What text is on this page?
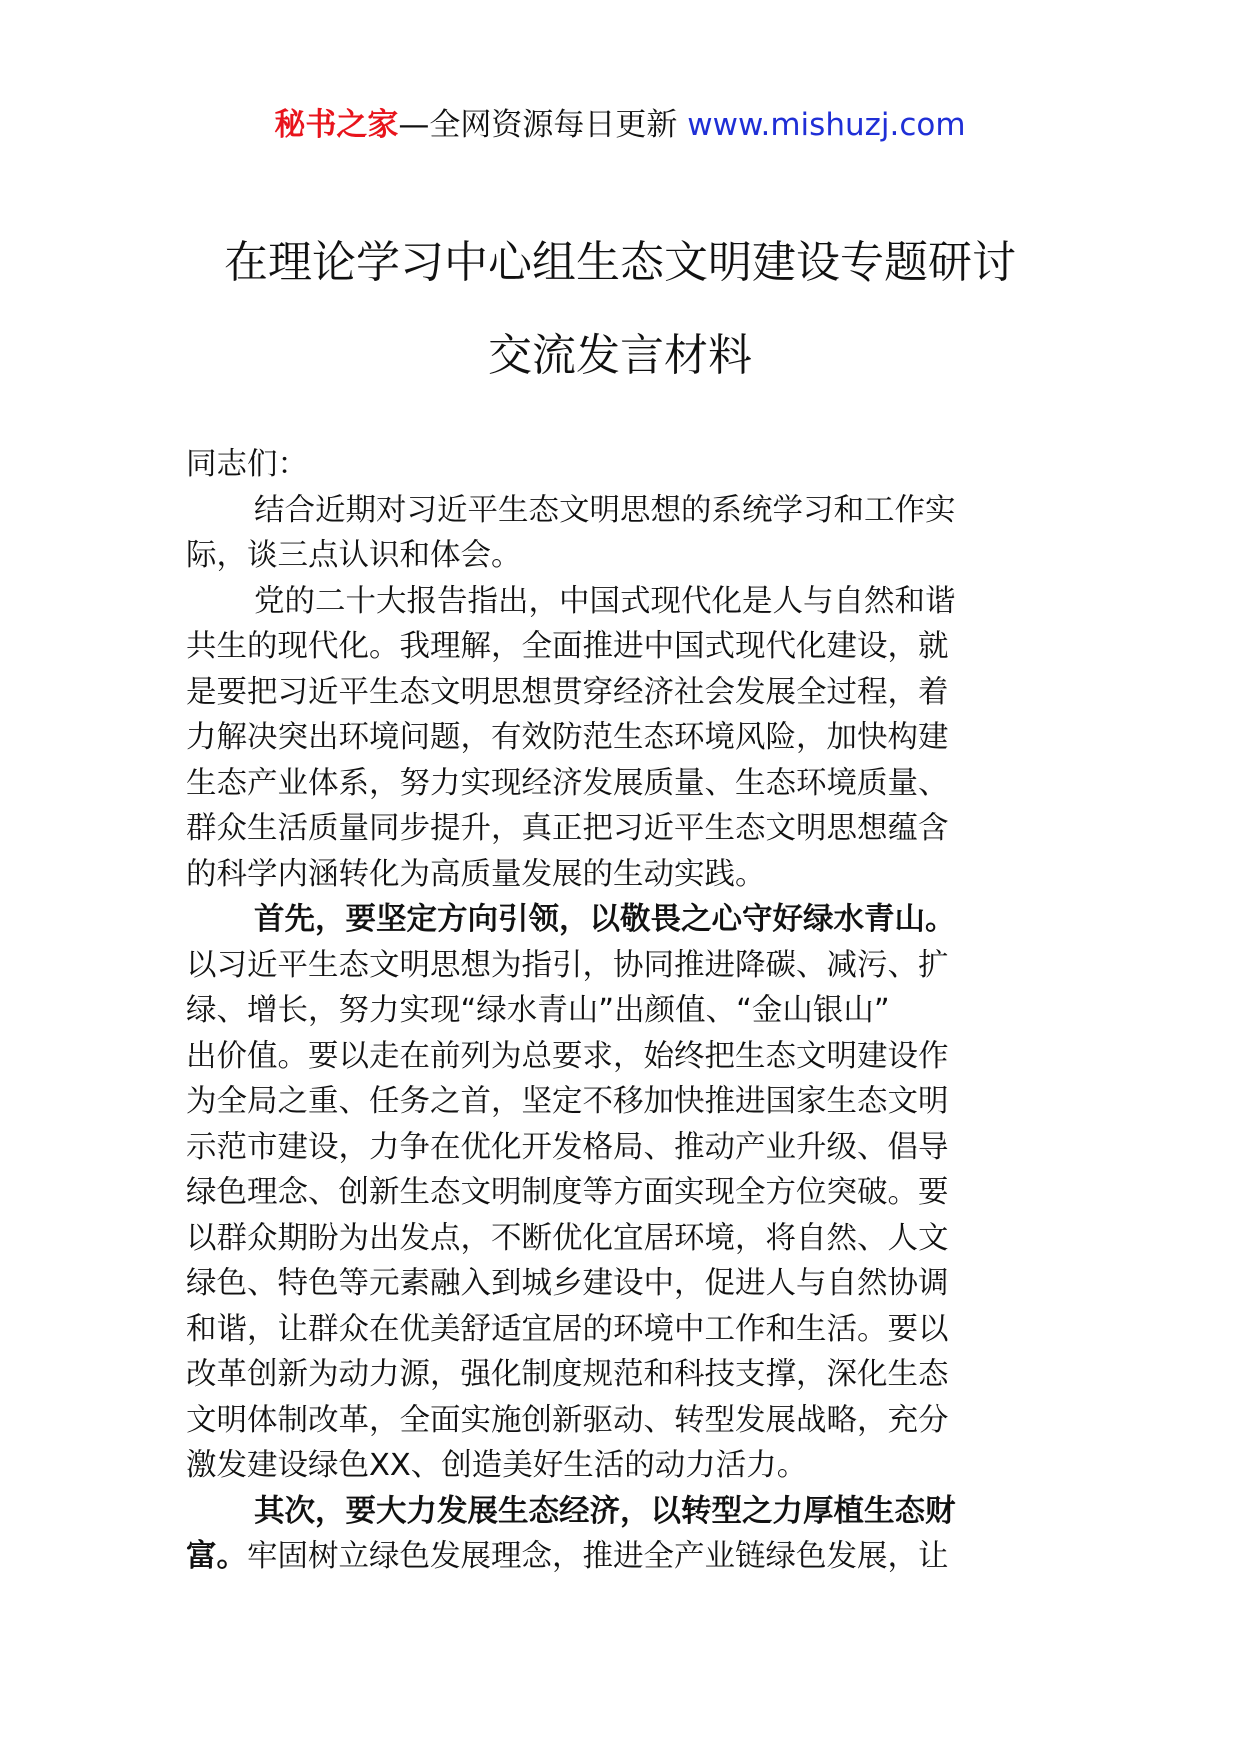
秘书之家—全网资源每日更新 www.mishuzj.com
在理论学习中心组生态文明建设专题研讨
交流发言材料
同志们：
结合近期对习近平生态文明思想的系统学习和工作实
际，谈三点认识和体会。
党的二十大报告指出，中国式现代化是人与自然和谐
共生的现代化。我理解，全面推进中国式现代化建设，就
是要把习近平生态文明思想贯穿经济社会发展全过程，着
力解决突出环境问题，有效防范生态环境风险，加快构建
生态产业体系，努力实现经济发展质量、生态环境质量、
群众生活质量同步提升，真正把习近平生态文明思想蕴含
的科学内涵转化为高质量发展的生动实践。
首先，要坚定方向引领，以敬畏之心守好绿水青山。
以习近平生态文明思想为指引，协同推进降碳、减污、扩
绿、增长，努力实现“绿水青山”出颜值、“金山银山”
出价值。要以走在前列为总要求，始终把生态文明建设作
为全局之重、任务之首，坚定不移加快推进国家生态文明
示范市建设，力争在优化开发格局、推动产业升级、倡导
绿色理念、创新生态文明制度等方面实现全方位突破。要
以群众期盼为出发点，不断优化宜居环境，将自然、人文
绿色、特色等元素融入到城乡建设中，促进人与自然协调
和谐，让群众在优美舒适宜居的环境中工作和生活。要以
改革创新为动力源，强化制度规范和科技支撑，深化生态
文明体制改革，全面实施创新驱动、转型发展战略，充分
激发建设绿色XX、创造美好生活的动力活力。
其次，要大力发展生态经济，以转型之力厚植生态财
富。 牢固树立绿色发展理念，推进全产业链绿色发展，让
